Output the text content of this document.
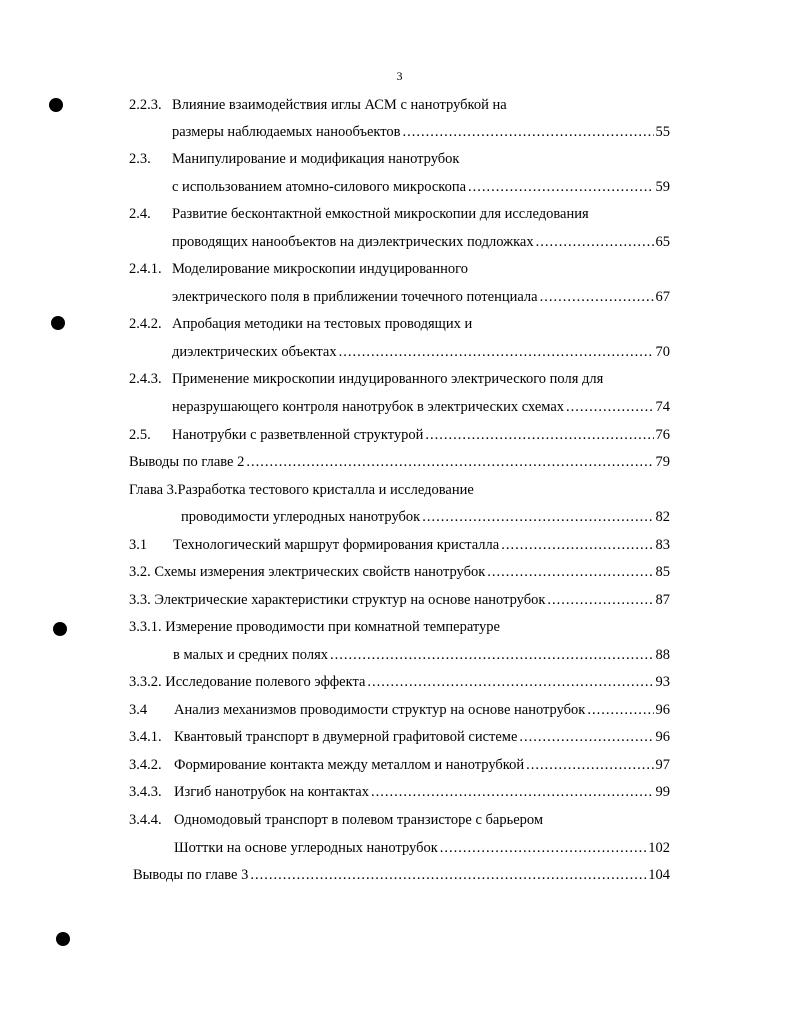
3
2.2.3. Влияние взаимодействия иглы АСМ с нанотрубкой на
размеры наблюдаемых нанообъектов .....	55
2.3.	Манипулирование и модификация нанотрубок
с использованием атомно-силового микроскопа .....	59
2.4.	Развитие бесконтактной емкостной микроскопии для исследования
проводящих нанообъектов на диэлектрических подложках .....	65
2.4.1. Моделирование микроскопии индуцированного
электрического поля в приближении точечного потенциала .....	67
2.4.2. Апробация методики на тестовых проводящих и
диэлектрических объектах .....	70
2.4.3. Применение микроскопии индуцированного электрического поля для
неразрушающего контроля нанотрубок в электрических схемах .....	74
2.5.	Нанотрубки с разветвленной структурой .....	76
Выводы по главе 2 .....	79
Глава 3.Разработка тестового кристалла и исследование
проводимости углеродных нанотрубок .....	82
3.1	Технологический маршрут формирования кристалла .....	83
3.2. Схемы измерения электрических свойств нанотрубок .....	85
3.3. Электрические характеристики структур на основе нанотрубок .....	87
3.3.1. Измерение проводимости при комнатной температуре
в малых и средних полях .....	88
3.3.2. Исследование полевого эффекта .....	93
3.4	Анализ механизмов проводимости структур на основе нанотрубок .....	96
3.4.1. Квантовый транспорт в двумерной графитовой системе .....	96
3.4.2. Формирование контакта между металлом и нанотрубкой .....	97
3.4.3. Изгиб нанотрубок на контактах .....	99
3.4.4. Одномодовый транспорт в полевом транзисторе с барьером
Шоттки на основе углеродных нанотрубок .....	102
Выводы по главе 3 .....	104
